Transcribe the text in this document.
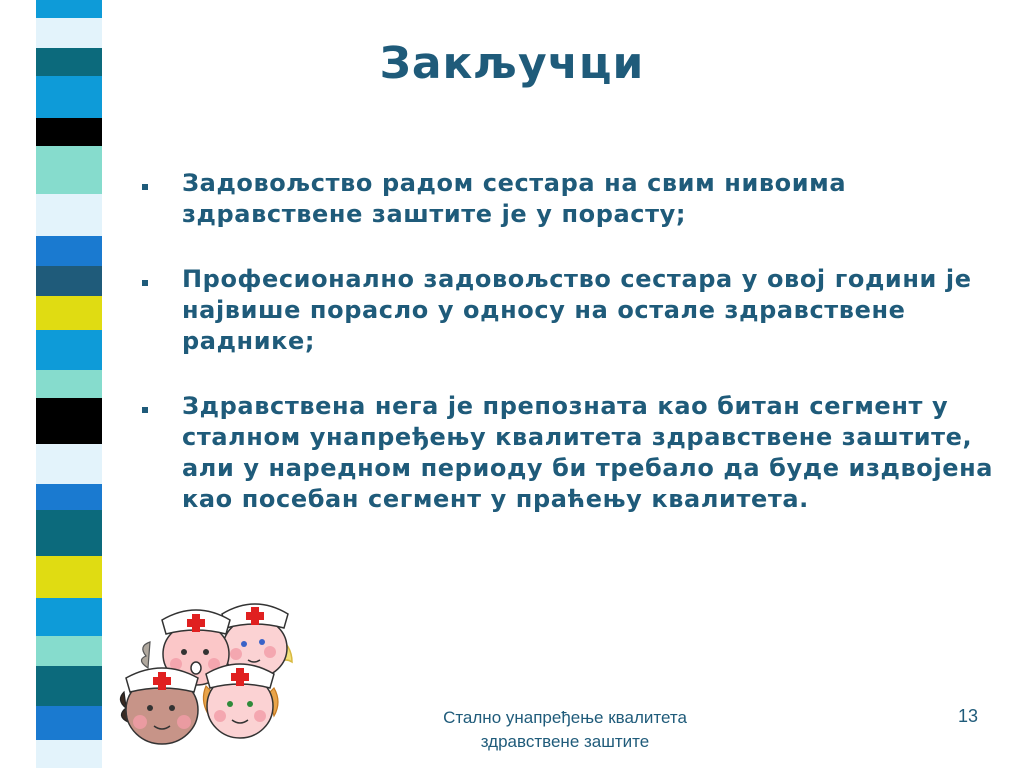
Закључци
Задовољство радом сестара на свим нивоима здравствене заштите је у порасту;
Професионално задовољство сестара у овој години је највише порасло у односу на остале здравствене раднике;
Здравствена нега је препозната као битан сегмент у сталном унапређењу квалитета здравствене заштите, али у наредном периоду би требало да буде издвојена као посебан сегмент у праћењу квалитета.
Стално унапређење квалитета
здравствене заштите
13
